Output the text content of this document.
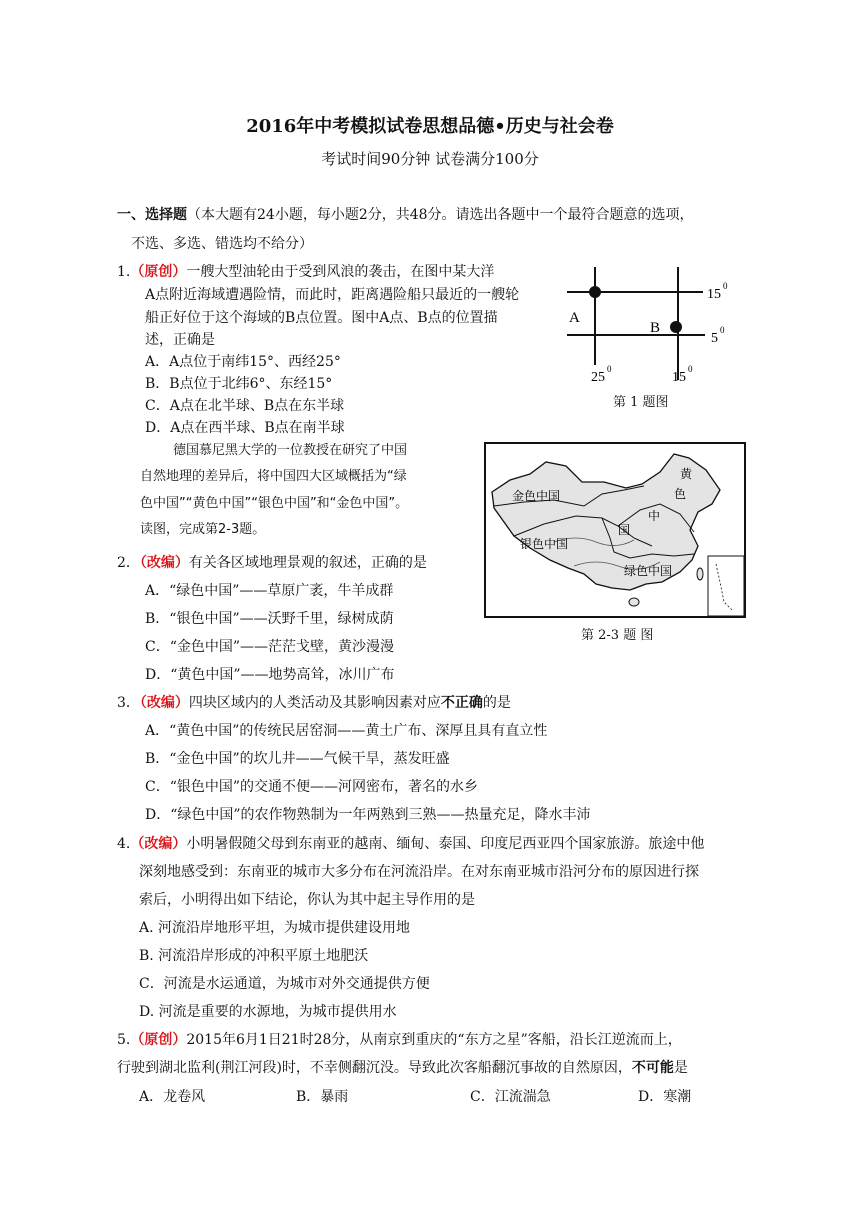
2016年中考模拟试卷思想品德•历史与社会卷
考试时间90分钟 试卷满分100分
一、选择题（本大题有24小题，每小题2分，共48分。请选出各题中一个最符合题意的选项，
不选、多选、错选均不给分）
1.（原创）一艘大型油轮由于受到风浪的袭击，在图中某大洋
A点附近海域遭遇险情，而此时，距离遇险船只最近的一艘轮
船正好位于这个海域的B点位置。图中A点、B点的位置描
述，正确是
A．A点位于南纬15°、西经25°
B．B点位于北纬6°、东经15°
C．A点在北半球、B点在东半球
D．A点在西半球、B点在南半球
A
B
15
0
5
0
25
0
15
0
第 1 题图
德国慕尼黑大学的一位教授在研究了中国
自然地理的差异后，将中国四大区域概括为“绿
色中国”“黄色中国”“银色中国”和“金色中国”。
读图，完成第2-3题。
金色中国
银色中国
绿色中国
黄
色
中
国
第 2-3 题 图
2．（改编）有关各区域地理景观的叙述，正确的是
A．“绿色中国”——草原广袤，牛羊成群
B．“银色中国”——沃野千里，绿树成荫
C．“金色中国”——茫茫戈壁，黄沙漫漫
D．“黄色中国”——地势高耸，冰川广布
3．（改编）四块区域内的人类活动及其影响因素对应不正确的是
A．“黄色中国”的传统民居窑洞——黄土广布、深厚且具有直立性
B．“金色中国”的坎儿井——气候干旱，蒸发旺盛
C．“银色中国”的交通不便——河网密布，著名的水乡
D．“绿色中国”的农作物熟制为一年两熟到三熟——热量充足，降水丰沛
4.（改编）小明暑假随父母到东南亚的越南、缅甸、泰国、印度尼西亚四个国家旅游。旅途中他
深刻地感受到：东南亚的城市大多分布在河流沿岸。在对东南亚城市沿河分布的原因进行探
索后，小明得出如下结论，你认为其中起主导作用的是
A. 河流沿岸地形平坦，为城市提供建设用地
B. 河流沿岸形成的冲积平原土地肥沃
C．河流是水运通道，为城市对外交通提供方便
D. 河流是重要的水源地，为城市提供用水
5.（原创）2015年6月1日21时28分，从南京到重庆的“东方之星”客船，沿长江逆流而上，
行驶到湖北监利(荆江河段)时，不幸侧翻沉没。导致此次客船翻沉事故的自然原因，不可能是
A．龙卷风	B．暴雨	C．江流湍急	D．寒潮
